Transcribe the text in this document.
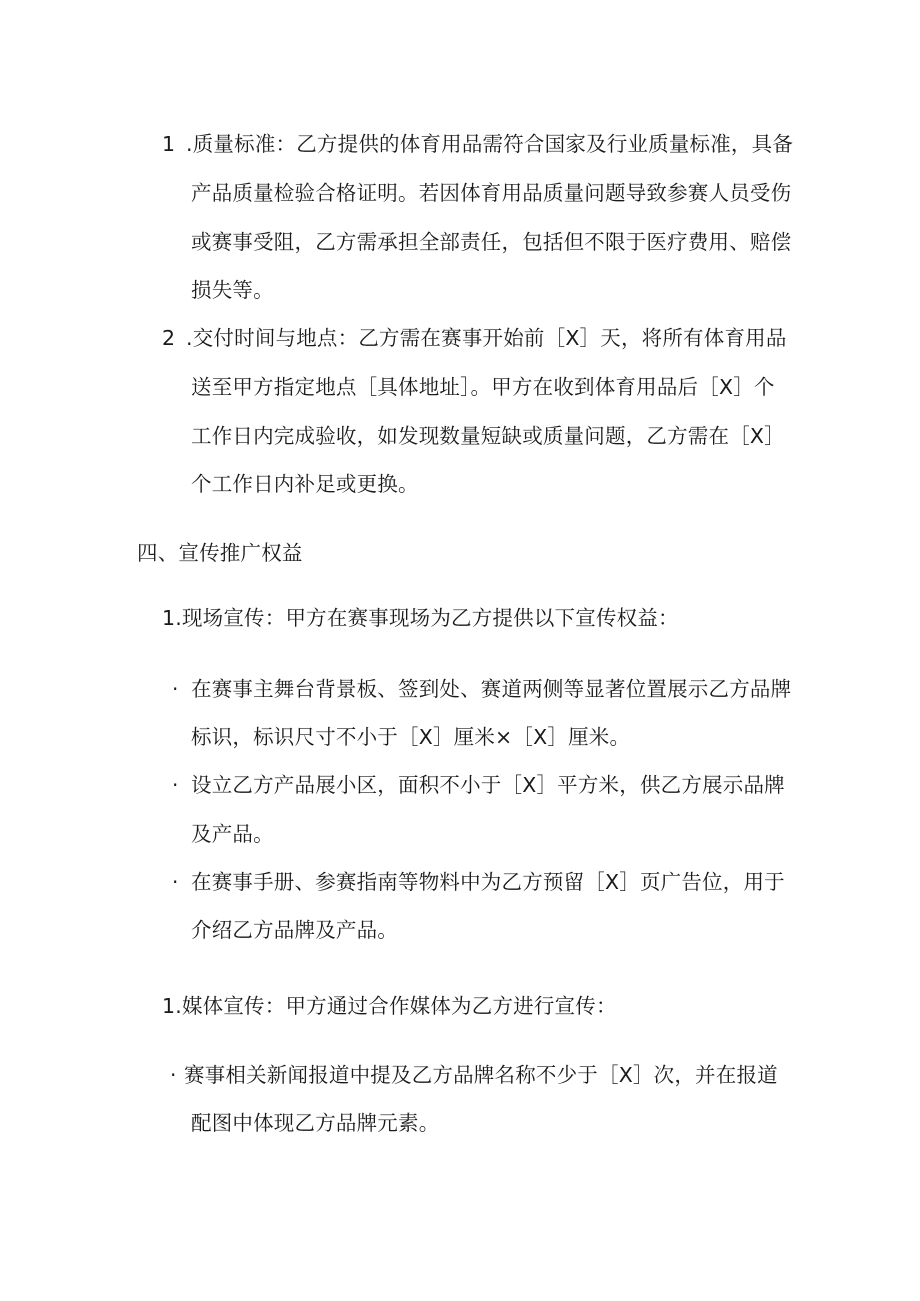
1 .质量标准：乙方提供的体育用品需符合国家及行业质量标准，具备
产品质量检验合格证明。若因体育用品质量问题导致参赛人员受伤
或赛事受阻，乙方需承担全部责任，包括但不限于医疗费用、赔偿
损失等。
2 .交付时间与地点：乙方需在赛事开始前［X］天，将所有体育用品
送至甲方指定地点［具体地址］。甲方在收到体育用品后［X］个
工作日内完成验收，如发现数量短缺或质量问题，乙方需在［X］
个工作日内补足或更换。
四、宣传推广权益
1.现场宣传：甲方在赛事现场为乙方提供以下宣传权益：
· 在赛事主舞台背景板、签到处、赛道两侧等显著位置展示乙方品牌
标识，标识尺寸不小于［X］厘米×［X］厘米。
· 设立乙方产品展小区，面积不小于［X］平方米，供乙方展示品牌
及产品。
· 在赛事手册、参赛指南等物料中为乙方预留［X］页广告位，用于
介绍乙方品牌及产品。
1.媒体宣传：甲方通过合作媒体为乙方进行宣传：
· 赛事相关新闻报道中提及乙方品牌名称不少于［X］次，并在报道
配图中体现乙方品牌元素。
